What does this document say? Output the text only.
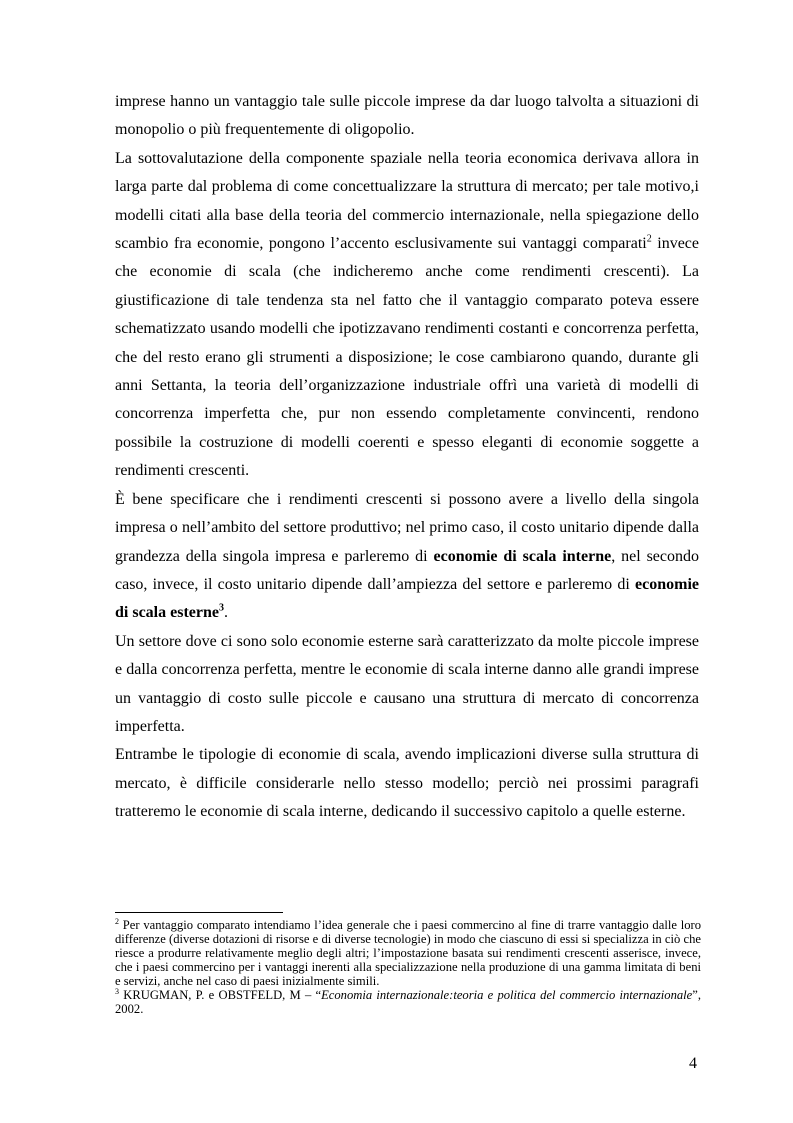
imprese hanno un vantaggio tale sulle piccole imprese da dar luogo talvolta a situazioni di monopolio o più frequentemente di oligopolio.

La sottovalutazione della componente spaziale nella teoria economica derivava allora in larga parte dal problema di come concettualizzare la struttura di mercato; per tale motivo,i modelli citati alla base della teoria del commercio internazionale, nella spiegazione dello scambio fra economie, pongono l’accento esclusivamente sui vantaggi comparati$^2$ invece che economie di scala (che indicheremo anche come rendimenti crescenti). La giustificazione di tale tendenza sta nel fatto che il vantaggio comparato poteva essere schematizzato usando modelli che ipotizzavano rendimenti costanti e concorrenza perfetta, che del resto erano gli strumenti a disposizione; le cose cambiarono quando, durante gli anni Settanta, la teoria dell’organizzazione industriale offrì una varietà di modelli di concorrenza imperfetta che, pur non essendo completamente convincenti, rendono possibile la costruzione di modelli coerenti e spesso eleganti di economie soggette a rendimenti crescenti.

È bene specificare che i rendimenti crescenti si possono avere a livello della singola impresa o nell’ambito del settore produttivo; nel primo caso, il costo unitario dipende dalla grandezza della singola impresa e parleremo di economie di scala interne, nel secondo caso, invece, il costo unitario dipende dall’ampiezza del settore e parleremo di economie di scala esterne$^3$.

Un settore dove ci sono solo economie esterne sarà caratterizzato da molte piccole imprese e dalla concorrenza perfetta, mentre le economie di scala interne danno alle grandi imprese un vantaggio di costo sulle piccole e causano una struttura di mercato di concorrenza imperfetta.

Entrambe le tipologie di economie di scala, avendo implicazioni diverse sulla struttura di mercato, è difficile considerarle nello stesso modello; perciò nei prossimi paragrafi tratteremo le economie di scala interne, dedicando il successivo capitolo a quelle esterne.

$^2$ Per vantaggio comparato intendiamo l’idea generale che i paesi commercino al fine di trarre vantaggio dalle loro differenze (diverse dotazioni di risorse e di diverse tecnologie) in modo che ciascuno di essi si specializza in ciò che riesce a produrre relativamente meglio degli altri; l’impostazione basata sui rendimenti crescenti asserisce, invece, che i paesi commercino per i vantaggi inerenti alla specializzazione nella produzione di una gamma limitata di beni e servizi, anche nel caso di paesi inizialmente simili.

$^3$ KRUGMAN, P. e OBSTFELD, M – “Economia internazionale:teoria e politica del commercio internazionale”, 2002.

4
